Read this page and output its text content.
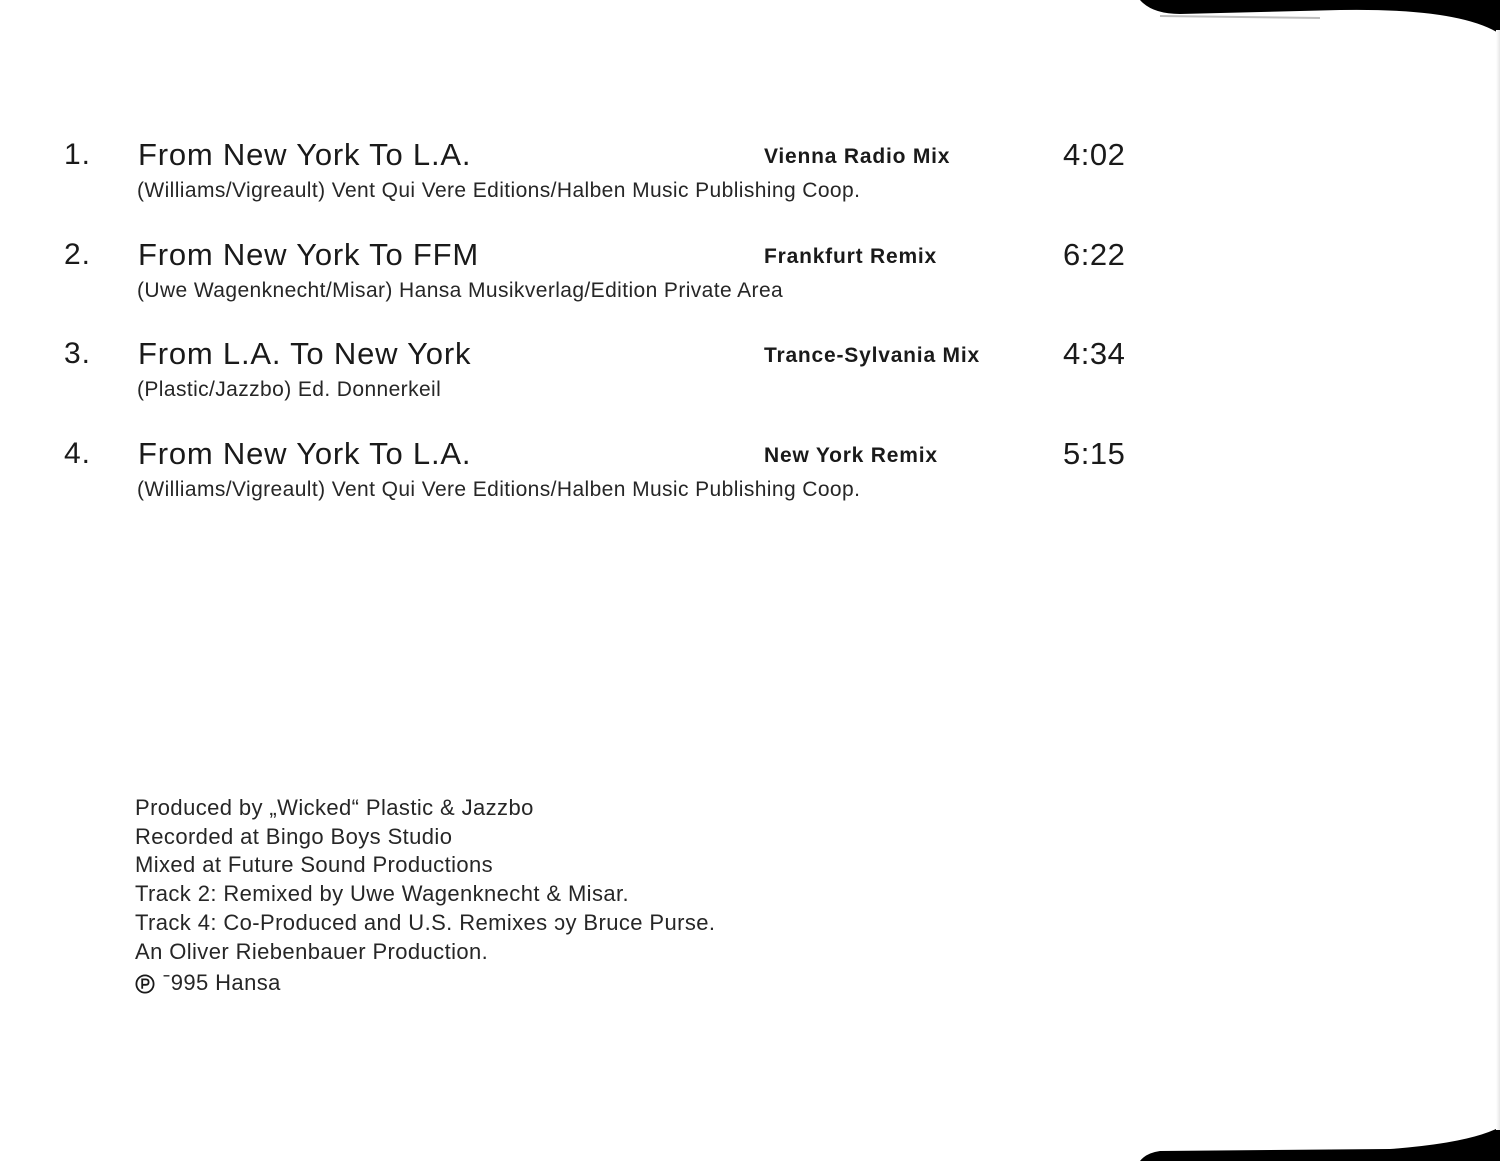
1. From New York To L.A.	Vienna Radio Mix	4:02
(Williams/Vigreault) Vent Qui Vere Editions/Halben Music Publishing Coop.
2. From New York To FFM	Frankfurt Remix	6:22
(Uwe Wagenknecht/Misar) Hansa Musikverlag/Edition Private Area
3. From L.A. To New York	Trance-Sylvania Mix	4:34
(Plastic/Jazzbo) Ed. Donnerkeil
4. From New York To L.A.	New York Remix	5:15
(Williams/Vigreault) Vent Qui Vere Editions/Halben Music Publishing Coop.
Produced by „Wicked“ Plastic & Jazzbo
Recorded at Bingo Boys Studio
Mixed at Future Sound Productions
Track 2: Remixed by Uwe Wagenknecht & Misar.
Track 4: Co-Produced and U.S. Remixes ɔy Bruce Purse.
An Oliver Riebenbauer Production.
ˉ995 Hansa
